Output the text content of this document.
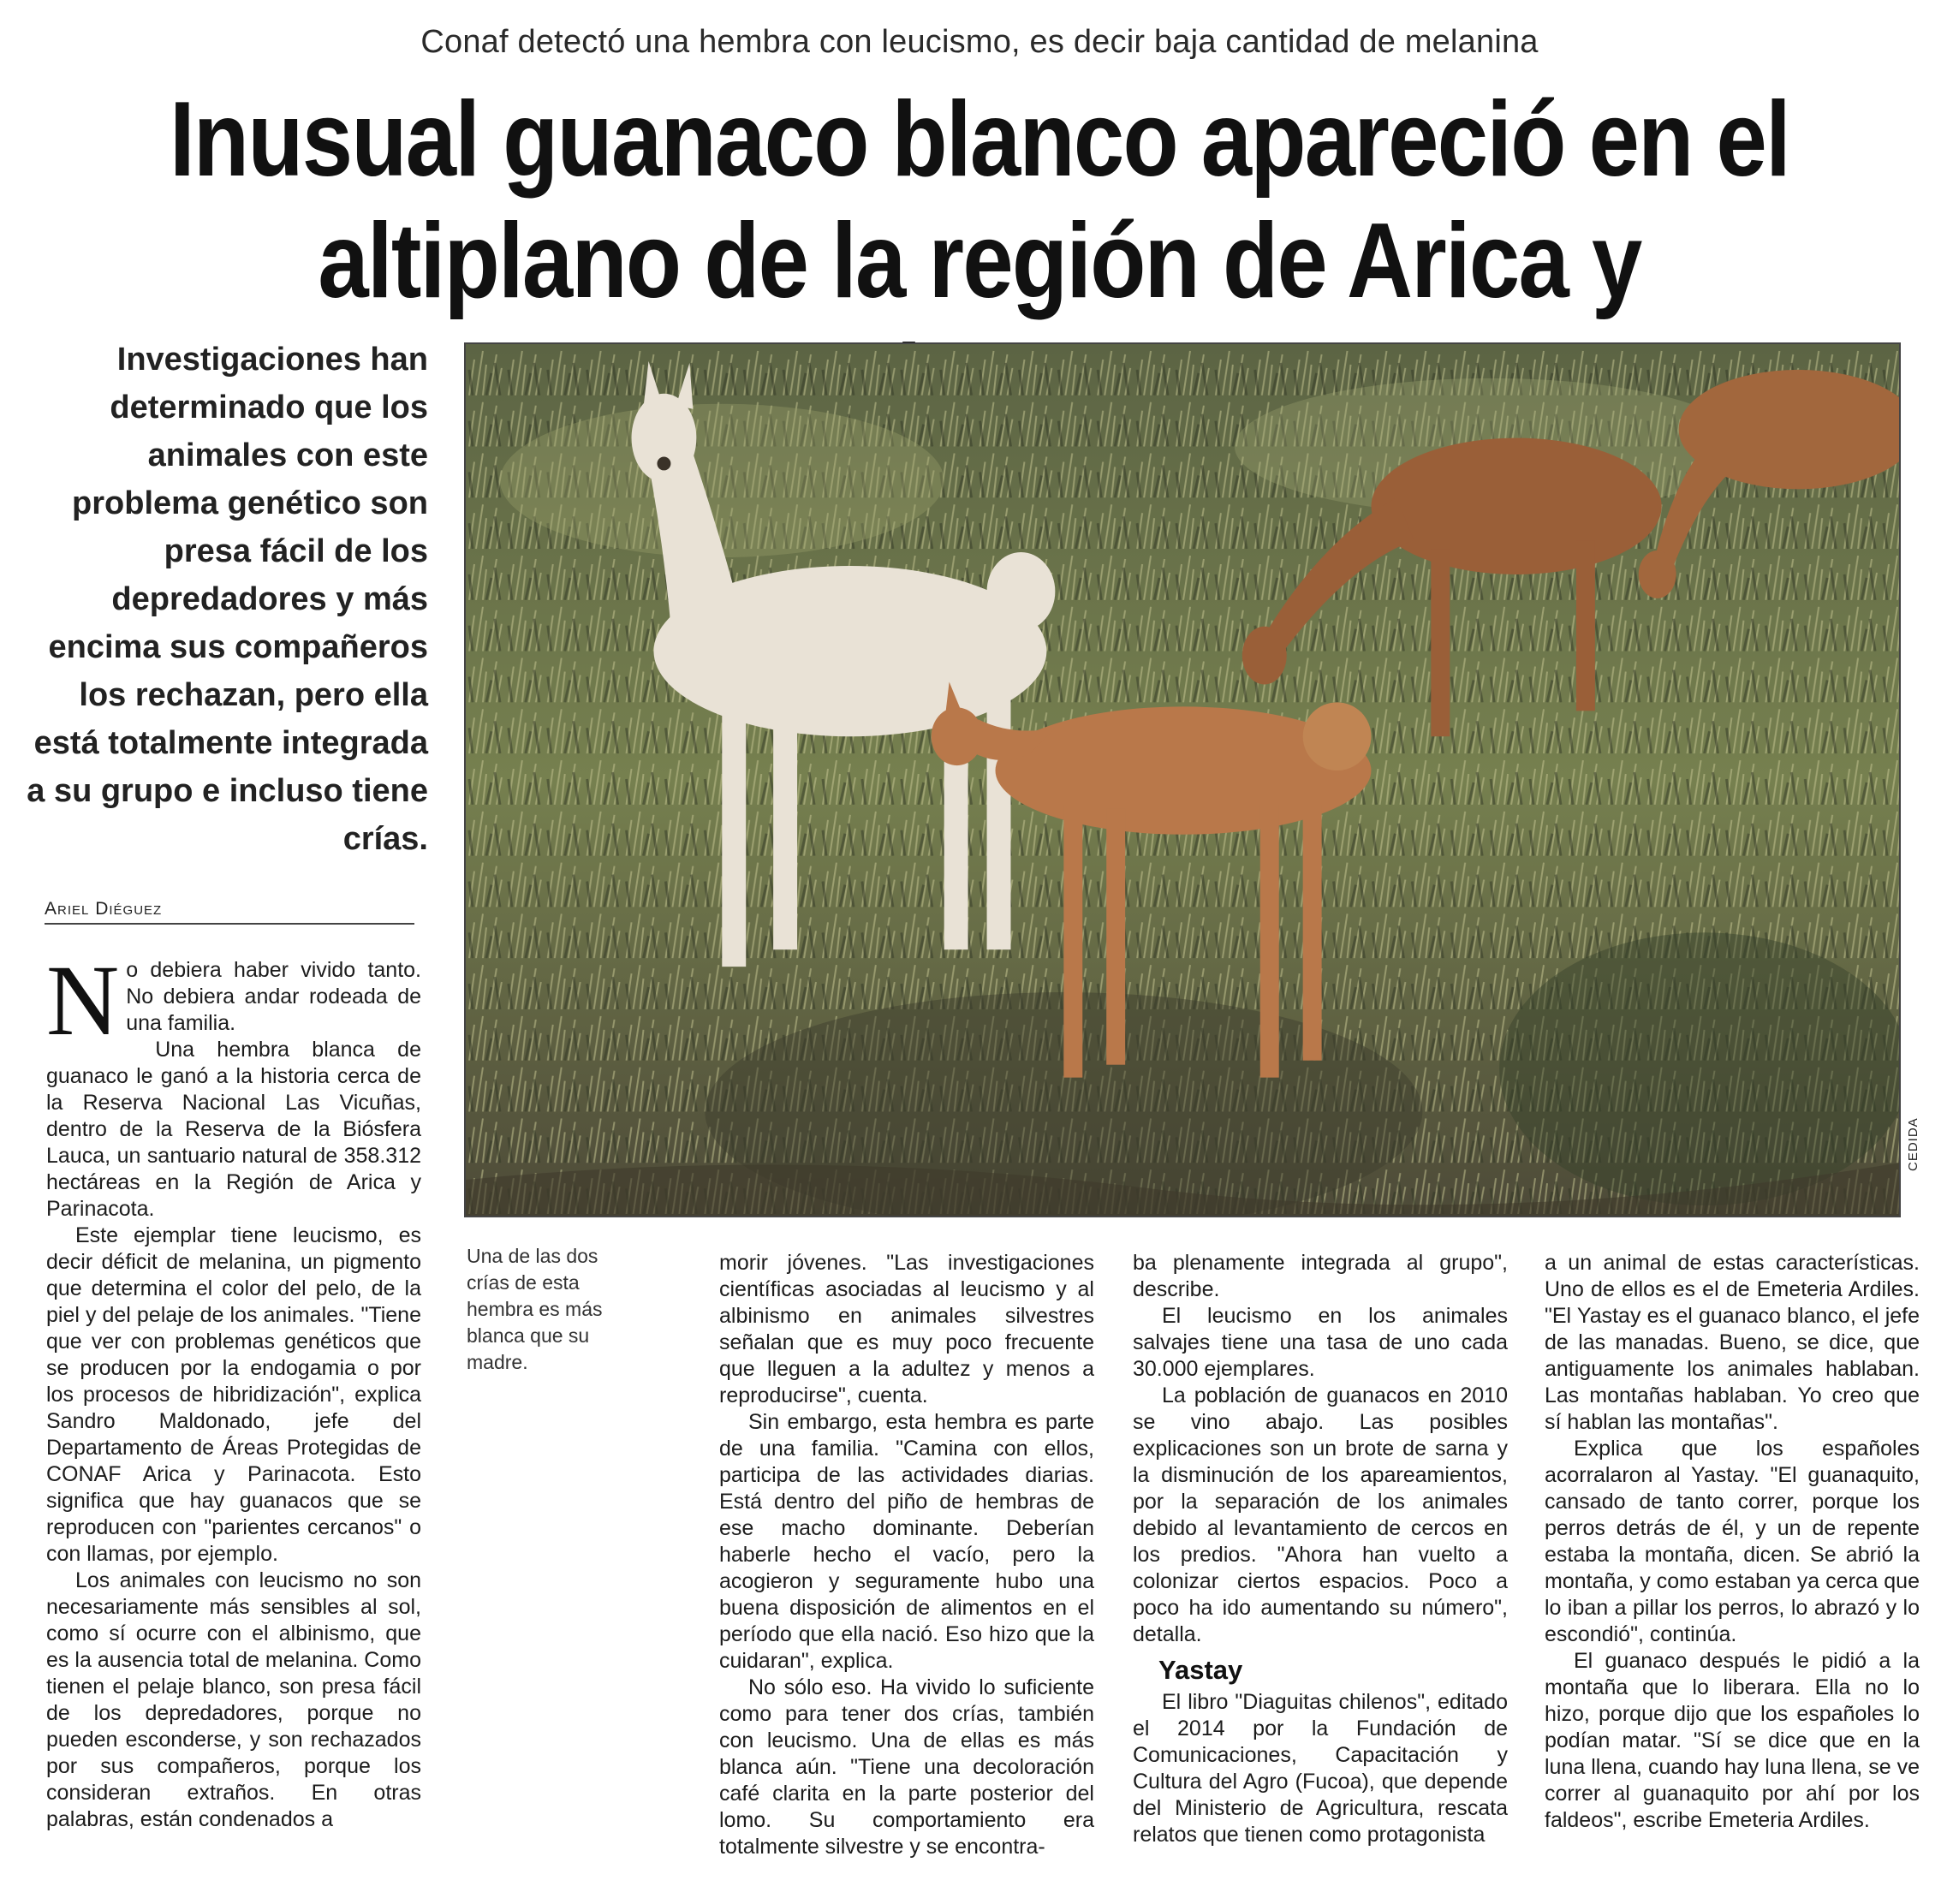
Conaf detectó una hembra con leucismo, es decir baja cantidad de melanina
Inusual guanaco blanco apareció en el
altiplano de la región de Arica y
Investigaciones han determinado que los animales con este problema genético son presa fácil de los depredadores y más encima sus compañeros los rechazan, pero ella está totalmente integrada a su grupo e incluso tiene crías.
Ariel Diéguez
CEDIDA
Una de las dos crías de esta hembra es más blanca que su madre.

No debiera haber vivido tanto. No debiera andar rodeada de una familia.

Una hembra blanca de guanaco le ganó a la historia cerca de la Reserva Nacional Las Vicuñas, dentro de la Reserva de la Biósfera Lauca, un santuario natural de 358.312 hectáreas en la Región de Arica y Parinacota.

Este ejemplar tiene leucismo, es decir déficit de melanina, un pigmento que determina el color del pelo, de la piel y del pelaje de los animales. "Tiene que ver con problemas genéticos que se producen por la endogamia o por los procesos de hibridización", explica Sandro Maldonado, jefe del Departamento de Áreas Protegidas de CONAF Arica y Parinacota. Esto significa que hay guanacos que se reproducen con "parientes cercanos" o con llamas, por ejemplo.

Los animales con leucismo no son necesariamente más sensibles al sol, como sí ocurre con el albinismo, que es la ausencia total de melanina. Como tienen el pelaje blanco, son presa fácil de los depredadores, porque no pueden esconderse, y son rechazados por sus compañeros, porque los consideran extraños. En otras palabras, están condenados a

morir jóvenes. "Las investigaciones científicas asociadas al leucismo y al albinismo en animales silvestres señalan que es muy poco frecuente que lleguen a la adultez y menos a reproducirse", cuenta.

Sin embargo, esta hembra es parte de una familia. "Camina con ellos, participa de las actividades diarias. Está dentro del piño de hembras de ese macho dominante. Deberían haberle hecho el vacío, pero la acogieron y seguramente hubo una buena disposición de alimentos en el período que ella nació. Eso hizo que la cuidaran", explica.

No sólo eso. Ha vivido lo suficiente como para tener dos crías, también con leucismo. Una de ellas es más blanca aún. "Tiene una decoloración café clarita en la parte posterior del lomo. Su comportamiento era totalmente silvestre y se encontra-

ba plenamente integrada al grupo", describe.

El leucismo en los animales salvajes tiene una tasa de uno cada 30.000 ejemplares.

La población de guanacos en 2010 se vino abajo. Las posibles explicaciones son un brote de sarna y la disminución de los apareamientos, por la separación de los animales debido al levantamiento de cercos en los predios. "Ahora han vuelto a colonizar ciertos espacios. Poco a poco ha ido aumentando su número", detalla.

Yastay

El libro "Diaguitas chilenos", editado el 2014 por la Fundación de Comunicaciones, Capacitación y Cultura del Agro (Fucoa), que depende del Ministerio de Agricultura, rescata relatos que tienen como protagonista

a un animal de estas características. Uno de ellos es el de Emeteria Ardiles. "El Yastay es el guanaco blanco, el jefe de las manadas. Bueno, se dice, que antiguamente los animales hablaban. Las montañas hablaban. Yo creo que sí hablan las montañas".

Explica que los españoles acorralaron al Yastay. "El guanaquito, cansado de tanto correr, porque los perros detrás de él, y un de repente estaba la montaña, dicen. Se abrió la montaña, y como estaban ya cerca que lo iban a pillar los perros, lo abrazó y lo escondió", continúa.

El guanaco después le pidió a la montaña que lo liberara. Ella no lo hizo, porque dijo que los españoles lo podían matar. "Sí se dice que en la luna llena, cuando hay luna llena, se ve correr al guanaquito por ahí por los faldeos", escribe Emeteria Ardiles.
